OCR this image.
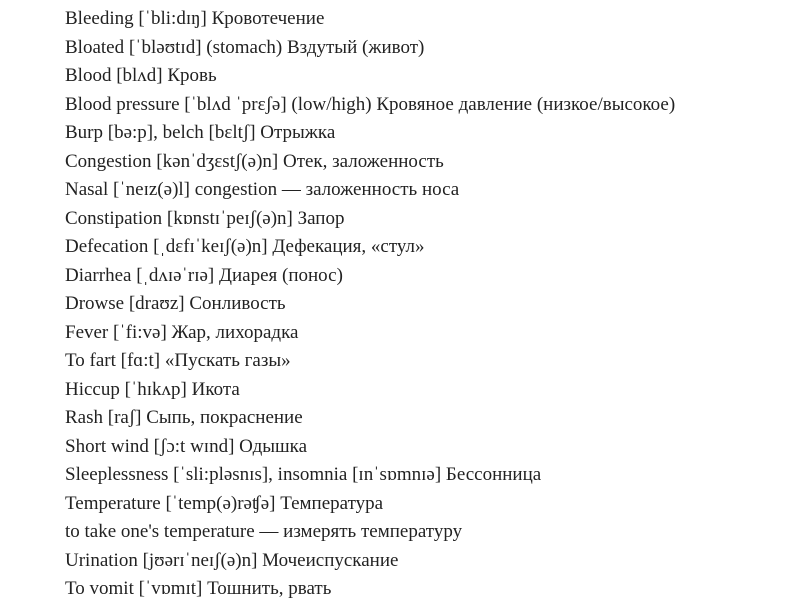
Bleeding [ˈbli:dɪŋ] Кровотечение
Bloated [ˈbləʊtɪd] (stomach) Вздутый (живот)
Blood [blʌd] Кровь
Blood pressure [ˈblʌd ˈprɛʃə] (low/high) Кровяное давление (низкое/высокое)
Burp [bə:p], belch [bɛltʃ] Отрыжка
Congestion [kənˈdʒɛstʃ(ə)n] Отек, заложенность
Nasal [ˈneɪz(ə)l] congestion — заложенность носа
Constipation [kɒnstɪˈpeɪʃ(ə)n] Запор
Defecation [ˌdɛfɪˈkeɪʃ(ə)n] Дефекация, «стул»
Diarrhea [ˌdʌɪəˈrɪə] Диарея (понос)
Drowse [draʊz] Сонливость
Fever [ˈfi:və] Жар, лихорадка
To fart [fɑ:t] «Пускать газы»
Hiccup [ˈhɪkʌp] Икота
Rash [raʃ] Сыпь, покраснение
Short wind [ʃɔ:t wɪnd] Одышка
Sleeplessness [ˈsli:pləsnɪs], insomnia [ɪnˈsɒmnɪə] Бессонница
Temperature [ˈtemp(ə)rəʧə] Температура
to take one's temperature — измерять температуру
Urination [jʊərɪˈneɪʃ(ə)n] Мочеиспускание
To vomit [ˈvɒmɪt] Тошнить, рвать
